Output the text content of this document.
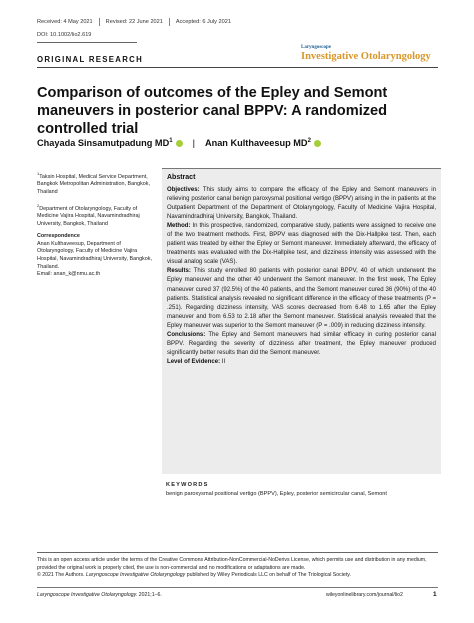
Received: 4 May 2021 Revised: 22 June 2021 Accepted: 6 July 2021
DOI: 10.1002/lio2.619
ORIGINAL RESEARCH
Laryngoscope
Investigative Otolaryngology
Comparison of outcomes of the Epley and Semont maneuvers in posterior canal BPPV: A randomized controlled trial
Chayada Sinsamutpadung $MD^1$ | Anan Kulthaveesup $MD^2$

$^1$Taksin Hospital, Medical Service Department, Bangkok Metropolitan Administration, Bangkok, Thailand

$^2$Department of Otolaryngology, Faculty of Medicine Vajira Hospital, Navamindradhiraj University, Bangkok, Thailand

Correspondence

Anan Kulthaveesup, Department of Otolaryngology, Faculty of Medicine Vajira Hospital, Navamindradhiraj University, Bangkok, Thailand.

Email: anan_k@nmu.ac.th

Abstract

Objectives: This study aims to compare the efficacy of the Epley and Semont maneuvers in relieving posterior canal benign paroxysmal positional vertigo (BPPV) arising in the in patients at the Outpatient Department of the Department of Otolaryngology, Faculty of Medicine Vajira Hospital, Navamindradhiraj University, Bangkok, Thailand.

Method: In this prospective, randomized, comparative study, patients were assigned to receive one of the two treatment methods. First, BPPV was diagnosed with the Dix-Hallpike test. Then, each patient was treated by either the Epley or Semont maneuver. Immediately afterward, the efficacy of treatments was evaluated with the Dix-Hallpike test, and dizziness intensity was assessed with the visual analog scale (VAS).

Results: This study enrolled 80 patients with posterior canal BPPV, 40 of which underwent the Epley maneuver and the other 40 underwent the Semont maneuver. In the first week, The Epley maneuver cured 37 (92.5%) of the 40 patients, and the Semont maneuver cured 36 (90%) of the 40 patients. Statistical analysis revealed no significant difference in the efficacy of these treatments (P = .251). Regarding dizziness intensity, VAS scores decreased from 6.48 to 1.65 after the Epley maneuver and from 6.53 to 2.18 after the Semont maneuver. Statistical analysis revealed that the Epley maneuver was superior to the Semont maneuver (P = .009) in reducing dizziness intensity.

Conclusions: The Epley and Semont maneuvers had similar efficacy in curing posterior canal BPPV. Regarding the severity of dizziness after treatment, the Epley maneuver produced significantly better results than did the Semont maneuver.

Level of Evidence: II

KEYWORDS
benign paroxysmal positional vertigo (BPPV), Epley, posterior semicircular canal, Semont

This is an open access article under the terms of the Creative Commons Attribution-NonCommercial-NoDerivs License, which permits use and distribution in any medium, provided the original work is properly cited, the use is non-commercial and no modifications or adaptations are made.

© 2021 The Authors. Laryngoscope Investigative Otolaryngology published by Wiley Periodicals LLC on behalf of The Triological Society.

Laryngoscope Investigative Otolaryngology. 2021;1–6.	wileyonlinelibrary.com/journal/lio2	1
